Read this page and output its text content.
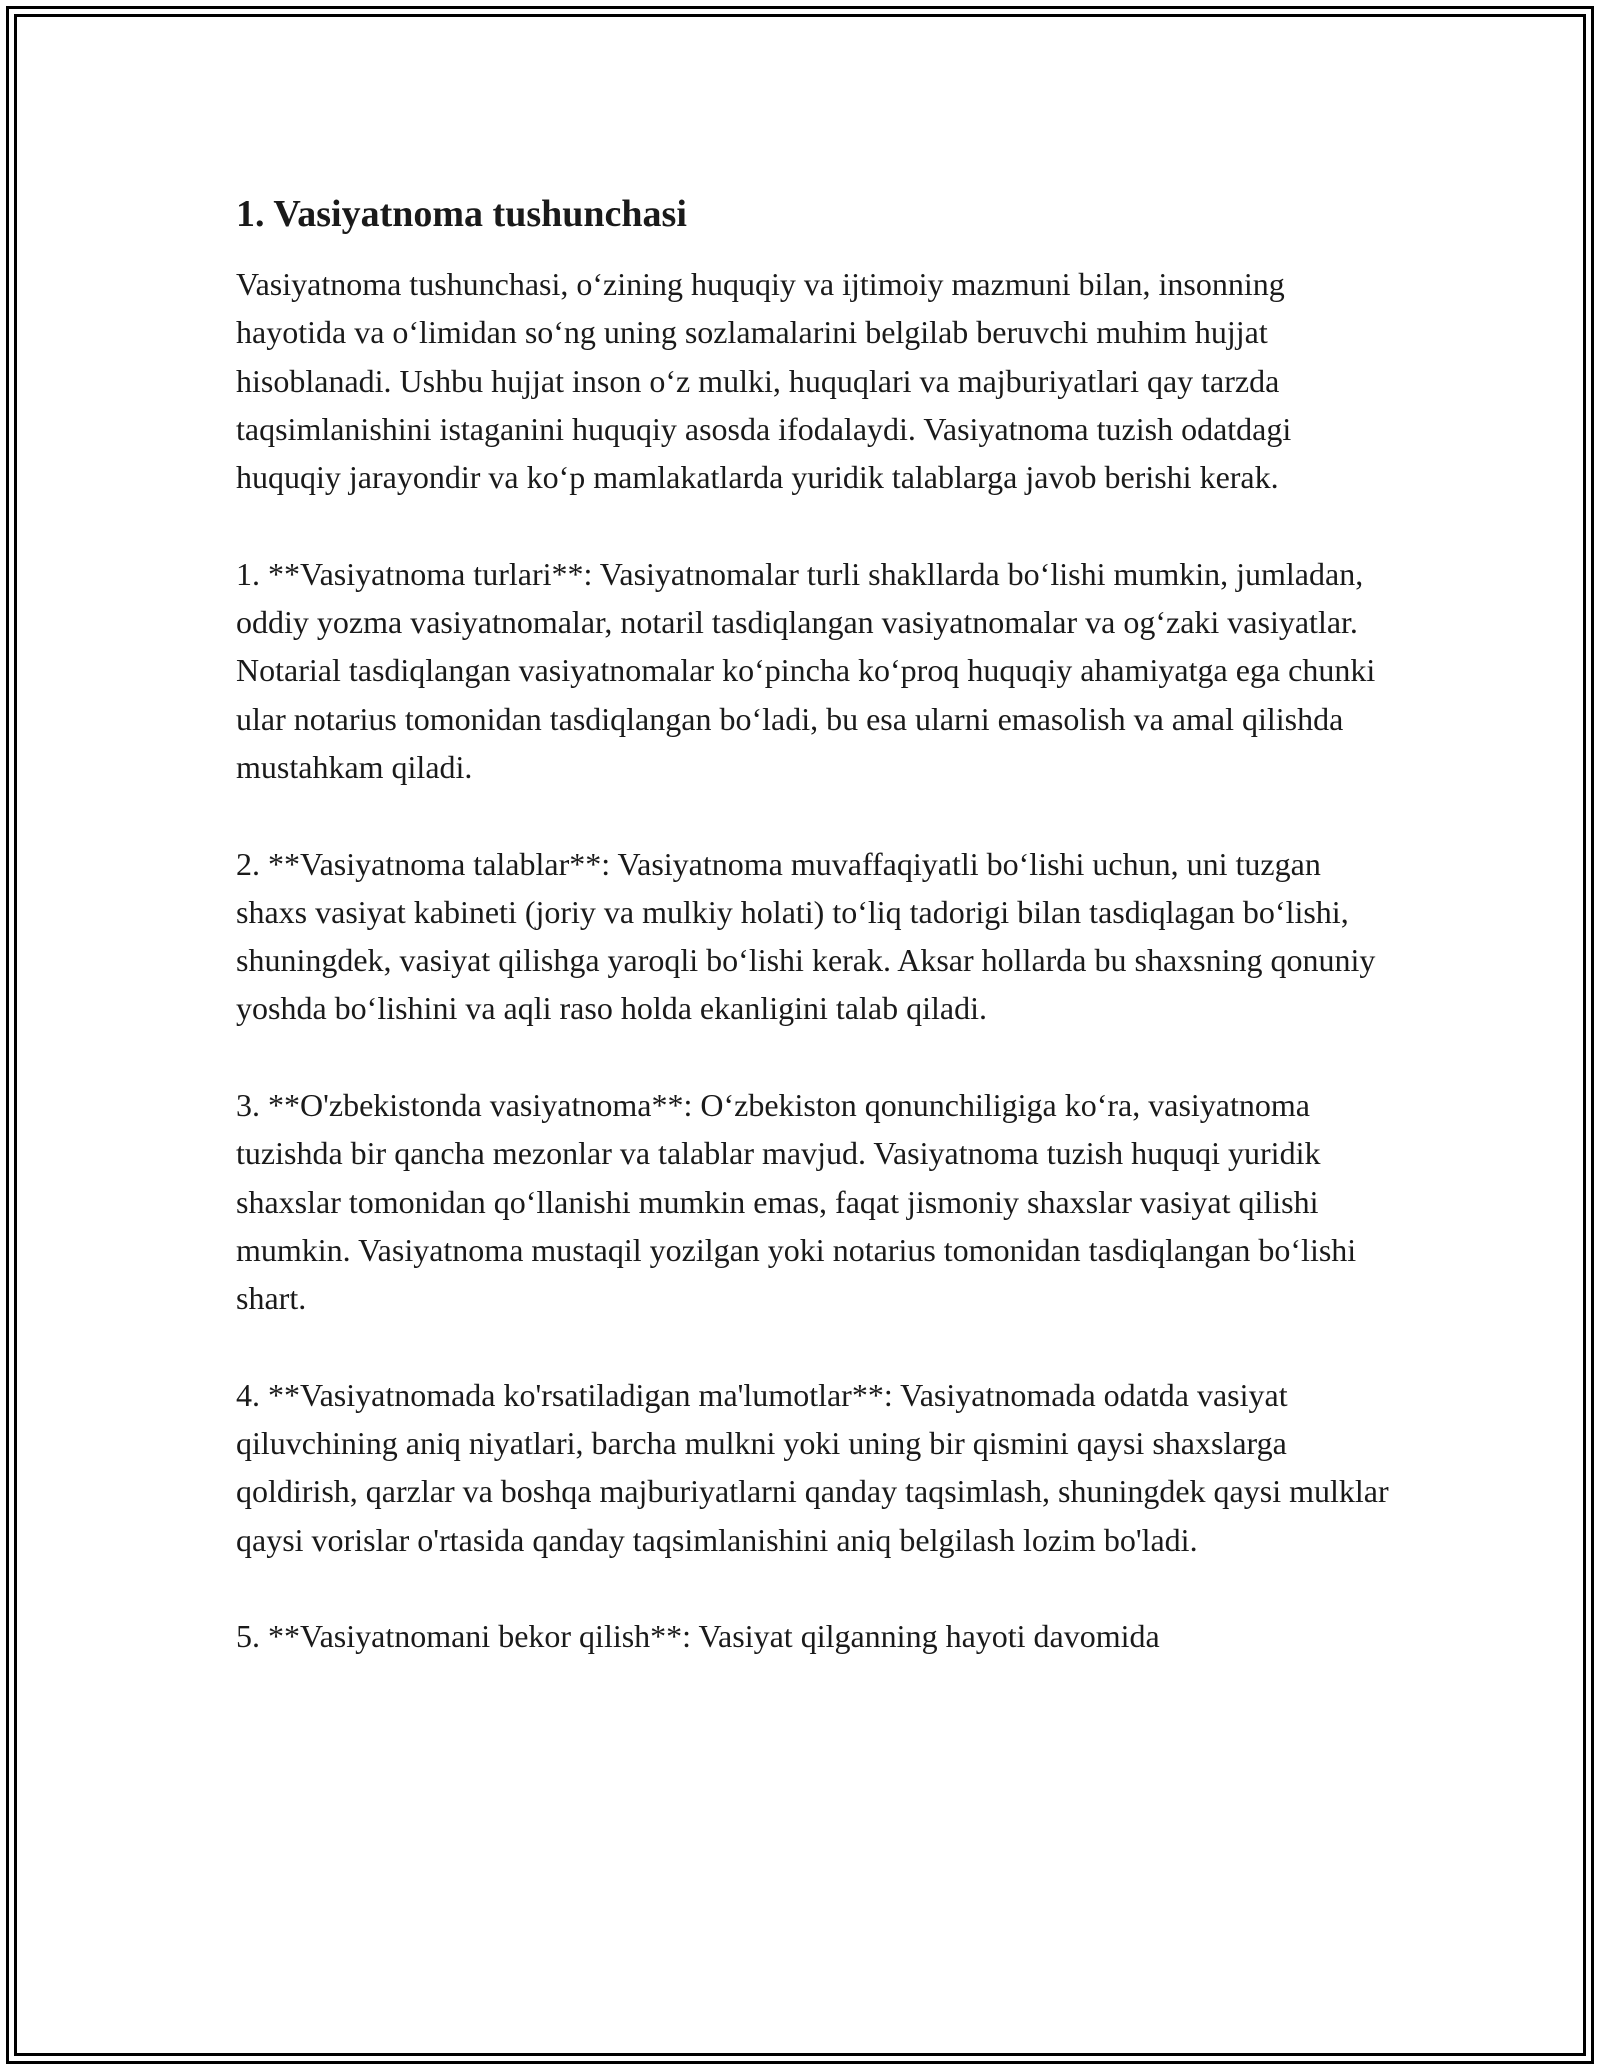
1. Vasiyatnoma tushunchasi

Vasiyatnoma tushunchasi, oʻzining huquqiy va ijtimoiy mazmuni bilan, insonning hayotida va oʻlimidan soʻng uning sozlamalarini belgilab beruvchi muhim hujjat hisoblanadi. Ushbu hujjat inson oʻz mulki, huquqlari va majburiyatlari qay tarzda taqsimlanishini istaganini huquqiy asosda ifodalaydi. Vasiyatnoma tuzish odatdagi huquqiy jarayondir va koʻp mamlakatlarda yuridik talablarga javob berishi kerak.

1. **Vasiyatnoma turlari**: Vasiyatnomalar turli shakllarda boʻlishi mumkin, jumladan, oddiy yozma vasiyatnomalar, notaril tasdiqlangan vasiyatnomalar va ogʻzaki vasiyatlar. Notarial tasdiqlangan vasiyatnomalar koʻpincha koʻproq huquqiy ahamiyatga ega chunki ular notarius tomonidan tasdiqlangan boʻladi, bu esa ularni emasolish va amal qilishda mustahkam qiladi.

2. **Vasiyatnoma talablar**: Vasiyatnoma muvaffaqiyatli boʻlishi uchun, uni tuzgan shaxs vasiyat kabineti (joriy va mulkiy holati) toʻliq tadorigi bilan tasdiqlagan boʻlishi, shuningdek, vasiyat qilishga yaroqli boʻlishi kerak. Aksar hollarda bu shaxsning qonuniy yoshda boʻlishini va aqli raso holda ekanligini talab qiladi.

3. **O'zbekistonda vasiyatnoma**: Oʻzbekiston qonunchiligiga koʻra, vasiyatnoma tuzishda bir qancha mezonlar va talablar mavjud. Vasiyatnoma tuzish huquqi yuridik shaxslar tomonidan qoʻllanishi mumkin emas, faqat jismoniy shaxslar vasiyat qilishi mumkin. Vasiyatnoma mustaqil yozilgan yoki notarius tomonidan tasdiqlangan boʻlishi shart.

4. **Vasiyatnomada ko'rsatiladigan ma'lumotlar**: Vasiyatnomada odatda vasiyat qiluvchining aniq niyatlari, barcha mulkni yoki uning bir qismini qaysi shaxslarga qoldirish, qarzlar va boshqa majburiyatlarni qanday taqsimlash, shuningdek qaysi mulklar qaysi vorislar o'rtasida qanday taqsimlanishini aniq belgilash lozim bo'ladi.

5. **Vasiyatnomani bekor qilish**: Vasiyat qilganning hayoti davomida
